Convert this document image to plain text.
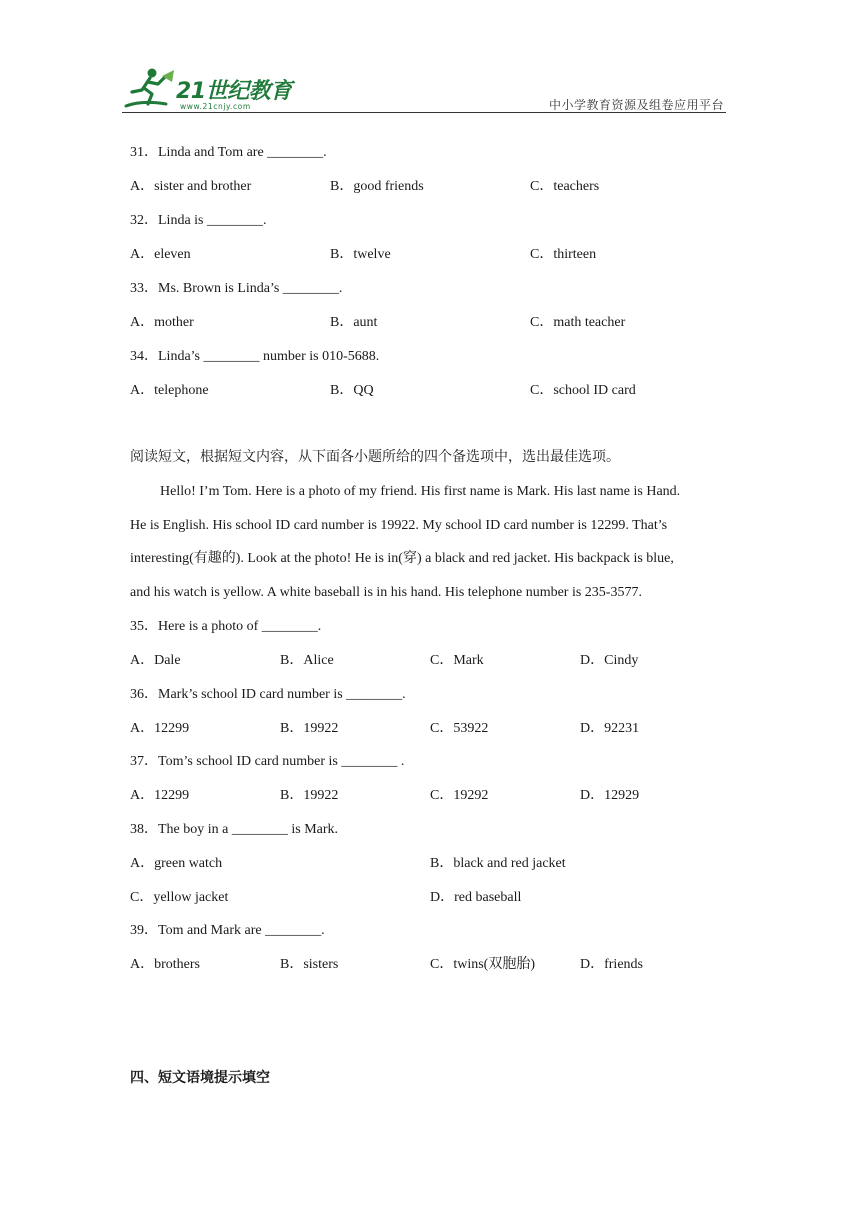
21世纪教育
www.21cnjy.com	中小学教育资源及组卷应用平台
31．Linda and Tom are ________.
A．sister and brother	B．good friends	C．teachers
32．Linda is ________.
A．eleven	B．twelve	C．thirteen
33．Ms. Brown is Linda’s ________.
A．mother	B．aunt	C．math teacher
34．Linda’s ________ number is 010-5688.
A．telephone	B．QQ	C．school ID card
阅读短文，根据短文内容，从下面各小题所给的四个备选项中，选出最佳选项。
Hello! I’m Tom. Here is a photo of my friend. His first name is Mark. His last name is Hand.
He is English. His school ID card number is 19922. My school ID card number is 12299. That’s
interesting(有趣的). Look at the photo! He is in(穿) a black and red jacket. His backpack is blue,
and his watch is yellow. A white baseball is in his hand. His telephone number is 235-3577.
35．Here is a photo of ________.
A．Dale	B．Alice	C．Mark	D．Cindy
36．Mark’s school ID card number is ________.
A．12299	B．19922	C．53922	D．92231
37．Tom’s school ID card number is ________ .
A．12299	B．19922	C．19292	D．12929
38．The boy in a ________ is Mark.
A．green watch	B．black and red jacket
C．yellow jacket	D．red baseball
39．Tom and Mark are ________.
A．brothers	B．sisters	C．twins(双胞胎)	D．friends
四、短文语境提示填空
